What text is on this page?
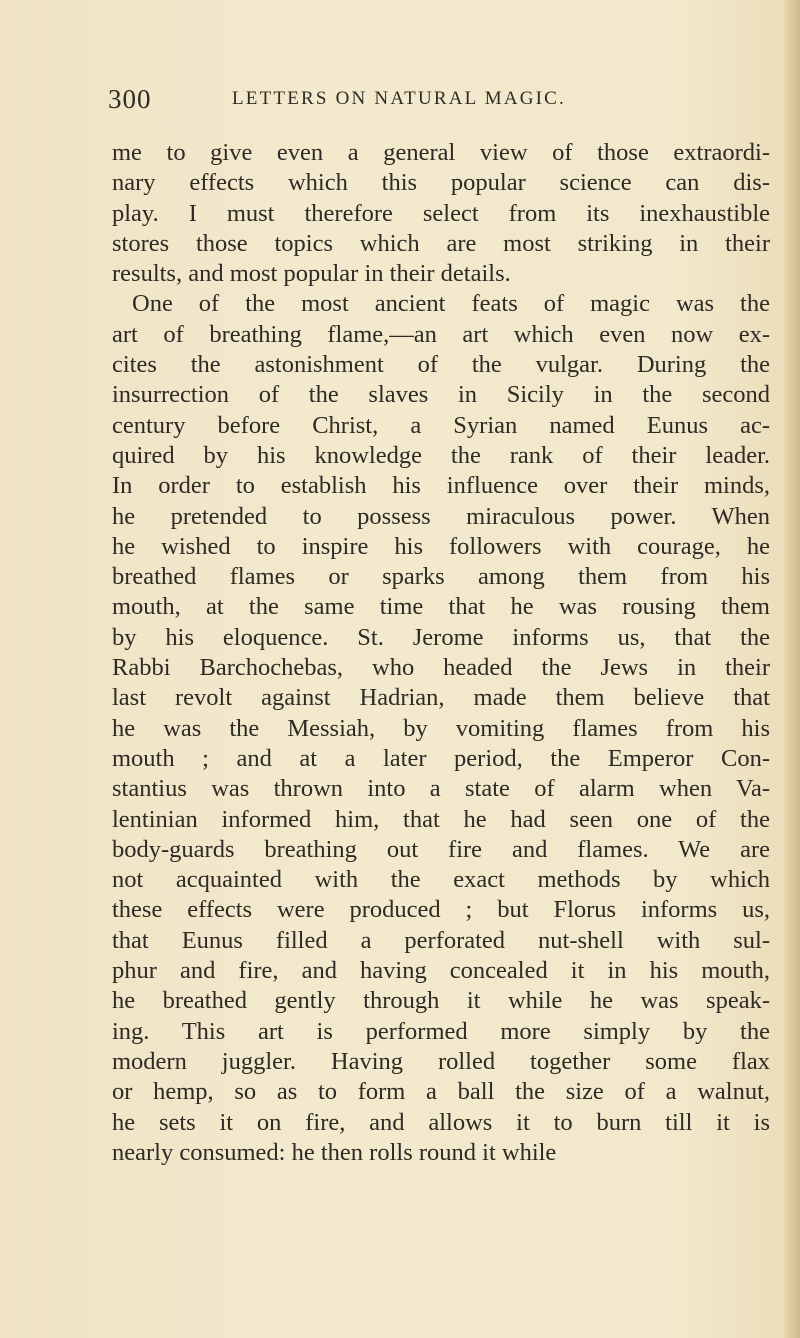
300	LETTERS ON NATURAL MAGIC.
me to give even a general view of those extraordi-
nary effects which this popular science can dis-
play. I must therefore select from its inexhaustible
stores those topics which are most striking in their
results, and most popular in their details.
One of the most ancient feats of magic was the
art of breathing flame,—an art which even now ex-
cites the astonishment of the vulgar. During the
insurrection of the slaves in Sicily in the second
century before Christ, a Syrian named Eunus ac-
quired by his knowledge the rank of their leader.
In order to establish his influence over their minds,
he pretended to possess miraculous power. When
he wished to inspire his followers with courage, he
breathed flames or sparks among them from his
mouth, at the same time that he was rousing them
by his eloquence. St. Jerome informs us, that the
Rabbi Barchochebas, who headed the Jews in their
last revolt against Hadrian, made them believe that
he was the Messiah, by vomiting flames from his
mouth ; and at a later period, the Emperor Con-
stantius was thrown into a state of alarm when Va-
lentinian informed him, that he had seen one of the
body-guards breathing out fire and flames. We are
not acquainted with the exact methods by which
these effects were produced ; but Florus informs us,
that Eunus filled a perforated nut-shell with sul-
phur and fire, and having concealed it in his mouth,
he breathed gently through it while he was speak-
ing. This art is performed more simply by the
modern juggler. Having rolled together some flax
or hemp, so as to form a ball the size of a walnut,
he sets it on fire, and allows it to burn till it is
nearly consumed: he then rolls round it while
